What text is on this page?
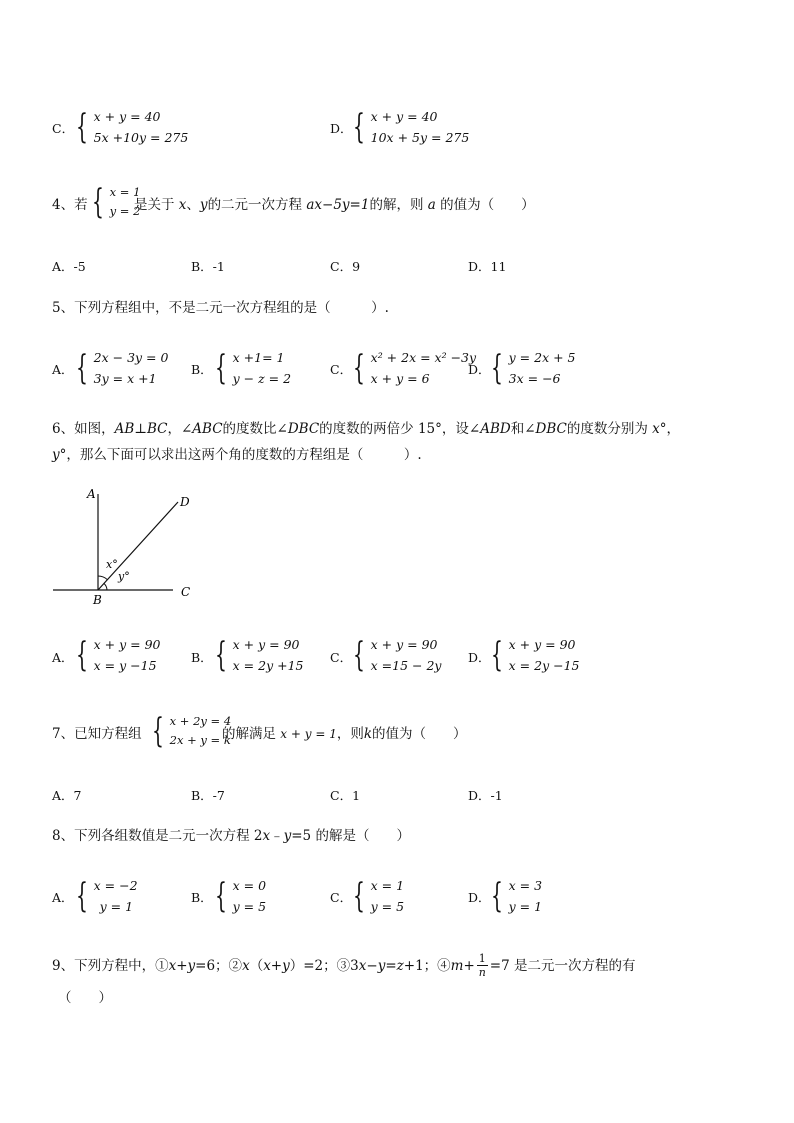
C． { x + y = 40
5x +10y = 275
D． { x + y = 40
10x + 5y = 275
4、若 { x = 1
y = 2
是关于 x、y的二元一次方程 ax−5y=1的解，则 a 的值为（　　）
A．-5	B．-1	C．9	D．11
5、下列方程组中，不是二元一次方程组的是（　　　）.
A． { 2x − 3y = 0
3y = x +1
B． { x +1= 1
y − z = 2
C． { x² + 2x = x² −3y
x + y = 6
D． { y = 2x + 5
3x = −6
6、如图，AB⊥BC，∠ABC的度数比∠DBC的度数的两倍少 15°，设∠ABD和∠DBC的度数分别为 x°，
y°，那么下面可以求出这两个角的度数的方程组是（　　　）.
A
D
B
C
x°
y°
A． { x + y = 90
x = y −15
B． { x + y = 90
x = 2y +15
C． { x + y = 90
x =15 − 2y
D． { x + y = 90
x = 2y −15
7、已知方程组 { x + 2y = 4
2x + y = k
的解满足 x + y = 1，则k的值为（　　）
A．7	B．-7	C．1	D．-1
8、下列各组数值是二元一次方程 2x﹣y=5 的解是（　　）
A． { x = −2
y = 1
B． { x = 0
y = 5
C． { x = 1
y = 5
D． { x = 3
y = 1
9、下列方程中，① x+y =6；② x （ x+y ）=2；③3 x − y = z +1；④ $m + \frac{1}{n} =7$ 是二元一次方程的有
（　　）
